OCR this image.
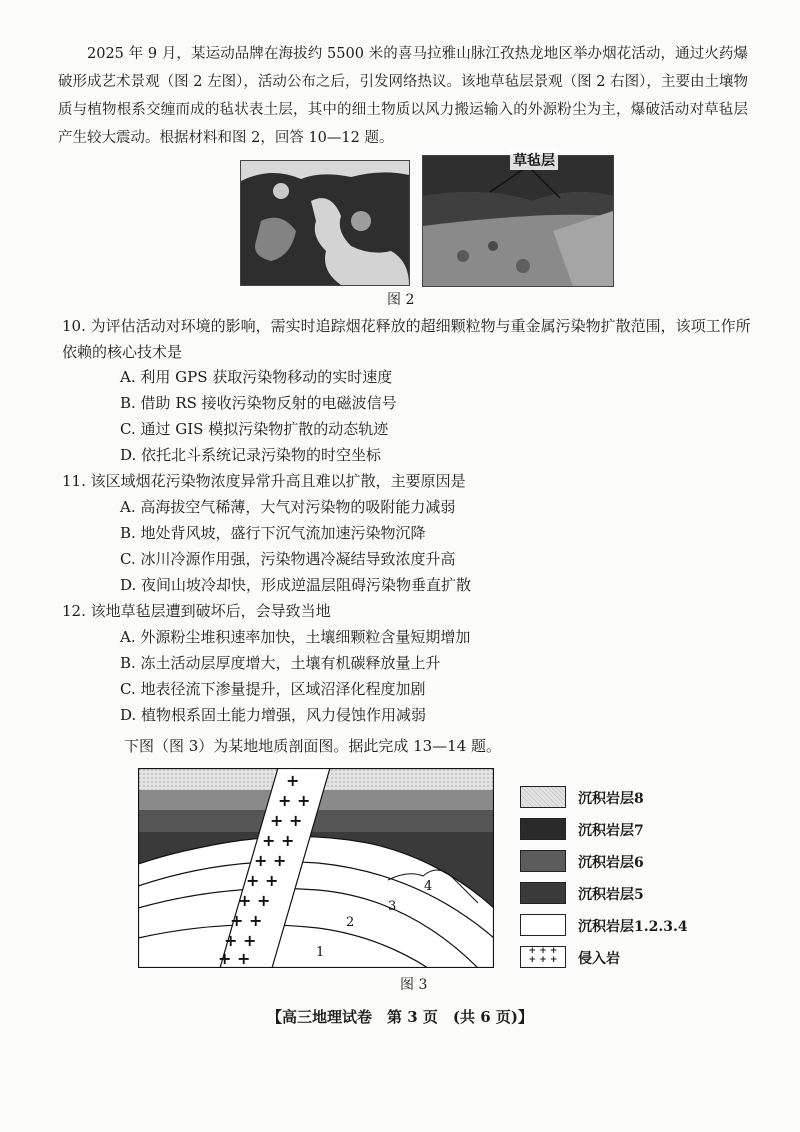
2025 年 9 月，某运动品牌在海拔约 5500 米的喜马拉雅山脉江孜热龙地区举办烟花活动，通过火药爆破形成艺术景观（图 2 左图），活动公布之后，引发网络热议。该地草毡层景观（图 2 右图），主要由土壤物质与植物根系交缠而成的毡状表土层，其中的细土物质以风力搬运输入的外源粉尘为主，爆破活动对草毡层产生较大震动。根据材料和图 2，回答 10—12 题。

草毡层
图 2

10. 为评估活动对环境的影响，需实时追踪烟花释放的超细颗粒物与重金属污染物扩散范围，该项工作所依赖的核心技术是

A. 利用 GPS 获取污染物移动的实时速度
B. 借助 RS 接收污染物反射的电磁波信号
C. 通过 GIS 模拟污染物扩散的动态轨迹
D. 依托北斗系统记录污染物的时空坐标

11. 该区域烟花污染物浓度异常升高且难以扩散，主要原因是

A. 高海拔空气稀薄，大气对污染物的吸附能力减弱
B. 地处背风坡，盛行下沉气流加速污染物沉降
C. 冰川冷源作用强，污染物遇冷凝结导致浓度升高
D. 夜间山坡冷却快，形成逆温层阻碍污染物垂直扩散

12. 该地草毡层遭到破坏后，会导致当地

A. 外源粉尘堆积速率加快，土壤细颗粒含量短期增加
B. 冻土活动层厚度增大，土壤有机碳释放量上升
C. 地表径流下渗量提升，区域沼泽化程度加剧
D. 植物根系固土能力增强，风力侵蚀作用减弱
下图（图 3）为某地地质剖面图。据此完成 13—14 题。
+
+ +
+ +
+ +
+ +
+ +
+ +
+ +
+ +
+ +	1
2
3
4
图 3
沉积岩层8
沉积岩层7
沉积岩层6
沉积岩层5
沉积岩层1.2.3.4
+ + +
+ + +	侵入岩
【高三地理试卷　第 3 页　(共 6 页)】
